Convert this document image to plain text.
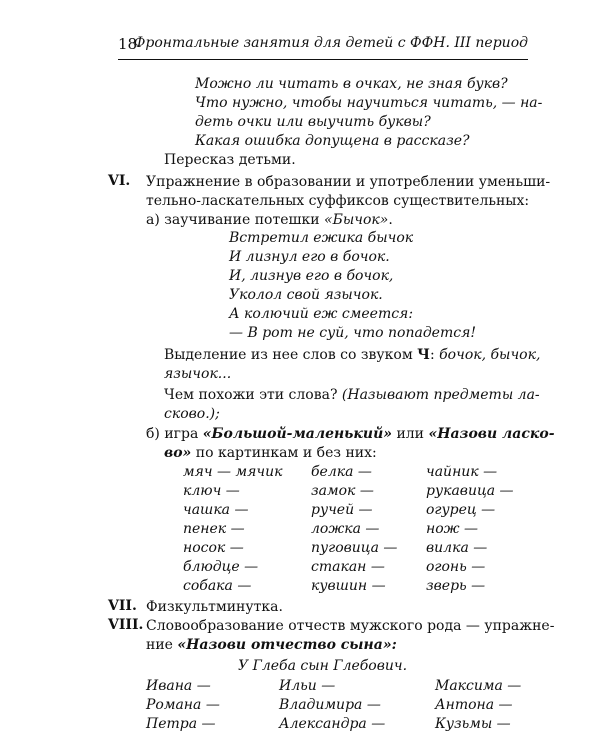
18
Фронтальные занятия для детей с ФФН. III период
Можно ли читать в очках, не зная букв?
Что нужно, чтобы научиться читать, — на-
деть очки или выучить буквы?
Какая ошибка допущена в рассказе?
Пересказ детьми.
VI. Упражнение в образовании и употреблении уменьши-
тельно-ласкательных суффиксов существительных:
а) заучивание потешки «Бычок».
Встретил ежика бычок
И лизнул его в бочок.
И, лизнув его в бочок,
Уколол свой язычок.
А колючий еж смеется:
— В рот не суй, что попадется!
Выделение из нее слов со звуком Ч: бочок, бычок,
язычок...
Чем похожи эти слова? (Называют предметы ла-
сково.);
б) игра «Большой-маленький» или «Назови ласко-
во» по картинкам и без них:
мяч — мячик белка —	чайник —
ключ —	замок —	рукавица —
чашка —	ручей —	огурец —
пенек —	ложка —	нож —
носок —	пуговица — вилка —
блюдце —	стакан —	огонь —
собака —	кувшин —	зверь —
VII. Физкультминутка.
VIII. Словообразование отчеств мужского рода — упражне-
ние «Назови отчество сына»:
У Глеба сын Глебович.
Ивана —	Ильи —	Максима —
Романа —	Владимира —	Антона —
Петра —	Александра —	Кузьмы —
